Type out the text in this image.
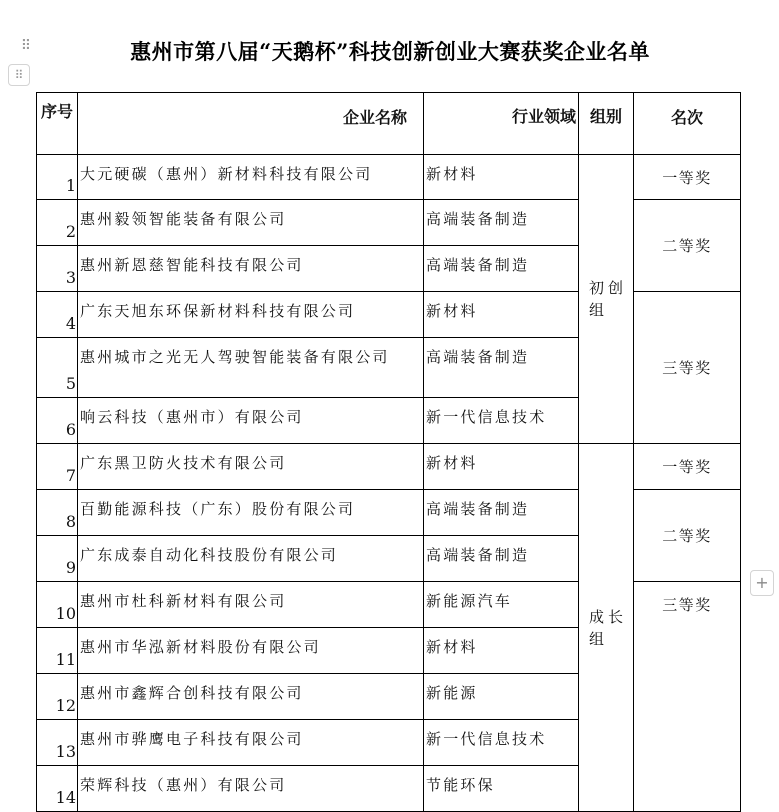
⠿
⠿
惠州市第八届“天鹅杯”科技创新创业大赛获奖企业名单
序号	企业名称	行业领域	组别	名次
1	大元硬碳（惠州）新材料科技有限公司	新材料	初创组	一等奖
2	惠州毅领智能装备有限公司	高端装备制造		二等奖
3	惠州新恩慈智能科技有限公司	高端装备制造		
4	广东天旭东环保新材料科技有限公司	新材料		三等奖
5	惠州城市之光无人驾驶智能装备有限公司	高端装备制造		
6	响云科技（惠州市）有限公司	新一代信息技术		
7	广东黑卫防火技术有限公司	新材料	成长组	一等奖
8	百勤能源科技（广东）股份有限公司	高端装备制造		二等奖
9	广东成泰自动化科技股份有限公司	高端装备制造		
10	惠州市杜科新材料有限公司	新能源汽车		三等奖
11	惠州市华泓新材料股份有限公司	新材料		
12	惠州市鑫辉合创科技有限公司	新能源		
13	惠州市骅鹰电子科技有限公司	新一代信息技术		
14	荣辉科技（惠州）有限公司	节能环保		
+
